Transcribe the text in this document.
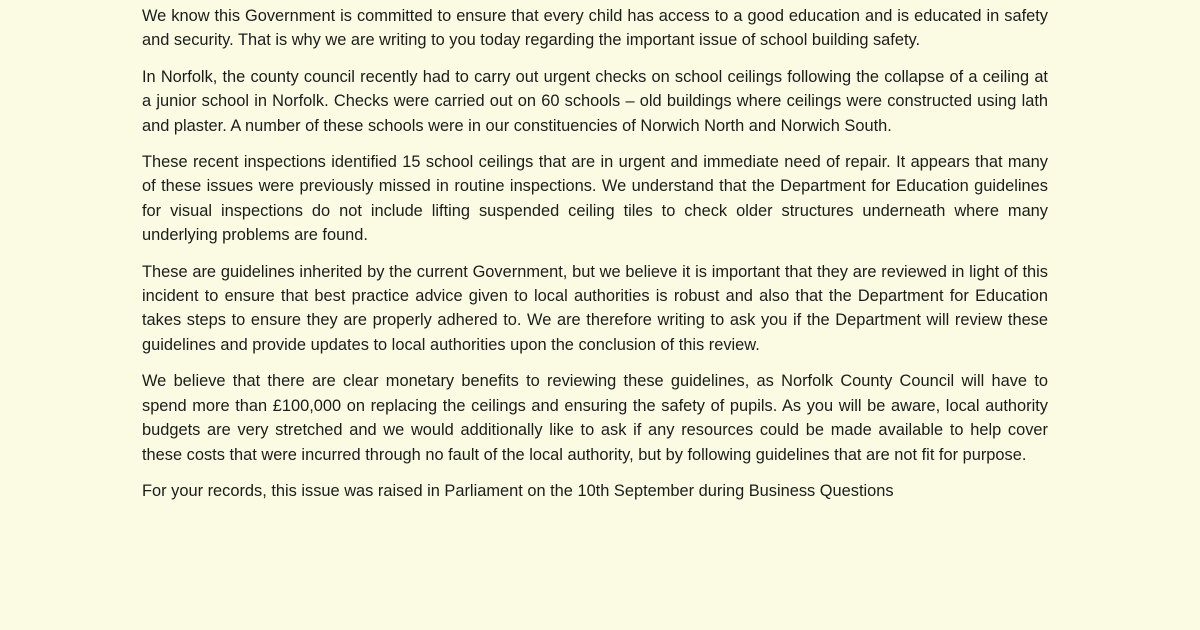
We know this Government is committed to ensure that every child has access to a good education and is educated in safety and security. That is why we are writing to you today regarding the important issue of school building safety.

In Norfolk, the county council recently had to carry out urgent checks on school ceilings following the collapse of a ceiling at a junior school in Norfolk. Checks were carried out on 60 schools – old buildings where ceilings were constructed using lath and plaster. A number of these schools were in our constituencies of Norwich North and Norwich South.

These recent inspections identified 15 school ceilings that are in urgent and immediate need of repair. It appears that many of these issues were previously missed in routine inspections. We understand that the Department for Education guidelines for visual inspections do not include lifting suspended ceiling tiles to check older structures underneath where many underlying problems are found.

These are guidelines inherited by the current Government, but we believe it is important that they are reviewed in light of this incident to ensure that best practice advice given to local authorities is robust and also that the Department for Education takes steps to ensure they are properly adhered to. We are therefore writing to ask you if the Department will review these guidelines and provide updates to local authorities upon the conclusion of this review.

We believe that there are clear monetary benefits to reviewing these guidelines, as Norfolk County Council will have to spend more than £100,000 on replacing the ceilings and ensuring the safety of pupils. As you will be aware, local authority budgets are very stretched and we would additionally like to ask if any resources could be made available to help cover these costs that were incurred through no fault of the local authority, but by following guidelines that are not fit for purpose.

For your records, this issue was raised in Parliament on the 10th September during Business Questions
